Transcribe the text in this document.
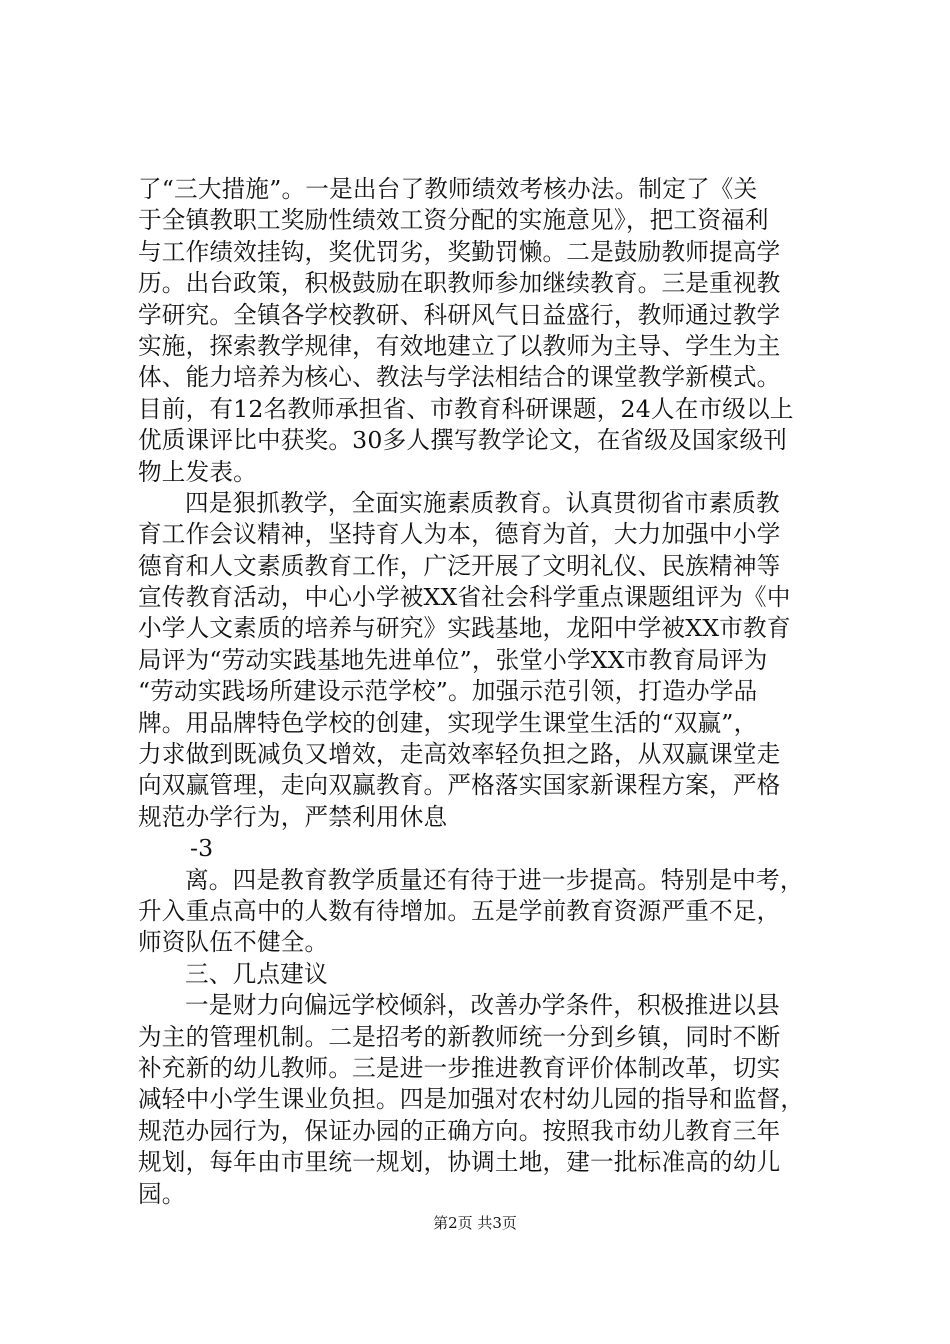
了“三大措施”。一是出台了教师绩效考核办法。制定了《关
于全镇教职工奖励性绩效工资分配的实施意见》，把工资福利
与工作绩效挂钩，奖优罚劣，奖勤罚懒。二是鼓励教师提高学
历。出台政策，积极鼓励在职教师参加继续教育。三是重视教
学研究。全镇各学校教研、科研风气日益盛行，教师通过教学
实施，探索教学规律，有效地建立了以教师为主导、学生为主
体、能力培养为核心、教法与学法相结合的课堂教学新模式。
目前，有12名教师承担省、市教育科研课题，24人在市级以上
优质课评比中获奖。30多人撰写教学论文，在省级及国家级刊
物上发表。
四是狠抓教学，全面实施素质教育。认真贯彻省市素质教
育工作会议精神，坚持育人为本，德育为首，大力加强中小学
德育和人文素质教育工作，广泛开展了文明礼仪、民族精神等
宣传教育活动，中心小学被XX省社会科学重点课题组评为《中
小学人文素质的培养与研究》实践基地，龙阳中学被XX市教育
局评为“劳动实践基地先进单位”，张堂小学XX市教育局评为
“劳动实践场所建设示范学校”。加强示范引领，打造办学品
牌。用品牌特色学校的创建，实现学生课堂生活的“双赢”，
力求做到既减负又增效，走高效率轻负担之路，从双赢课堂走
向双赢管理，走向双赢教育。严格落实国家新课程方案，严格
规范办学行为，严禁利用休息
-3
离。四是教育教学质量还有待于进一步提高。特别是中考，
升入重点高中的人数有待增加。五是学前教育资源严重不足，
师资队伍不健全。
三、几点建议
一是财力向偏远学校倾斜，改善办学条件，积极推进以县
为主的管理机制。二是招考的新教师统一分到乡镇，同时不断
补充新的幼儿教师。三是进一步推进教育评价体制改革，切实
减轻中小学生课业负担。四是加强对农村幼儿园的指导和监督，
规范办园行为，保证办园的正确方向。按照我市幼儿教育三年
规划，每年由市里统一规划，协调土地，建一批标准高的幼儿
园。
第2页 共3页
